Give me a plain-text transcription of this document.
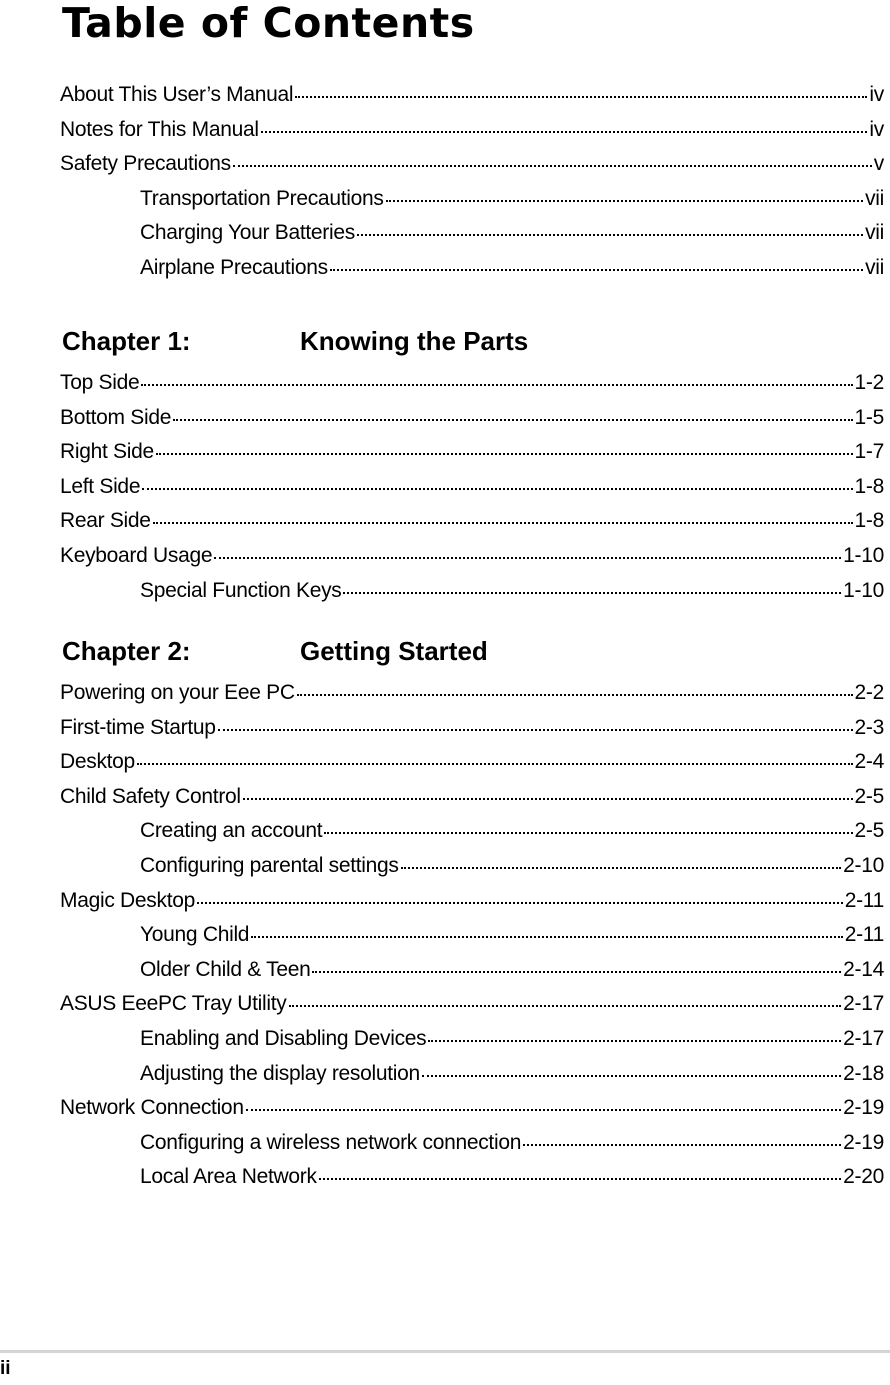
Table of Contents
About This User’s Manual	iv
Notes for This Manual	iv
Safety Precautions	v
Transportation Precautions	vii
Charging Your Batteries	vii
Airplane Precautions	vii
Chapter 1:	Knowing the Parts
Top Side	1-2
Bottom Side	1-5
Right Side	1-7
Left Side	1-8
Rear Side	1-8
Keyboard Usage	1-10
Special Function Keys	1-10
Chapter 2:	Getting Started
Powering on your Eee PC	2-2
First-time Startup	2-3
Desktop	2-4
Child Safety Control	2-5
Creating an account	2-5
Configuring parental settings	2-10
Magic Desktop	2-11
Young Child	2-11
Older Child & Teen	2-14
ASUS EeePC Tray Utility	2-17
Enabling and Disabling Devices	2-17
Adjusting the display resolution	2-18
Network Connection	2-19
Configuring a wireless network connection	2-19
Local Area Network	2-20
ii
